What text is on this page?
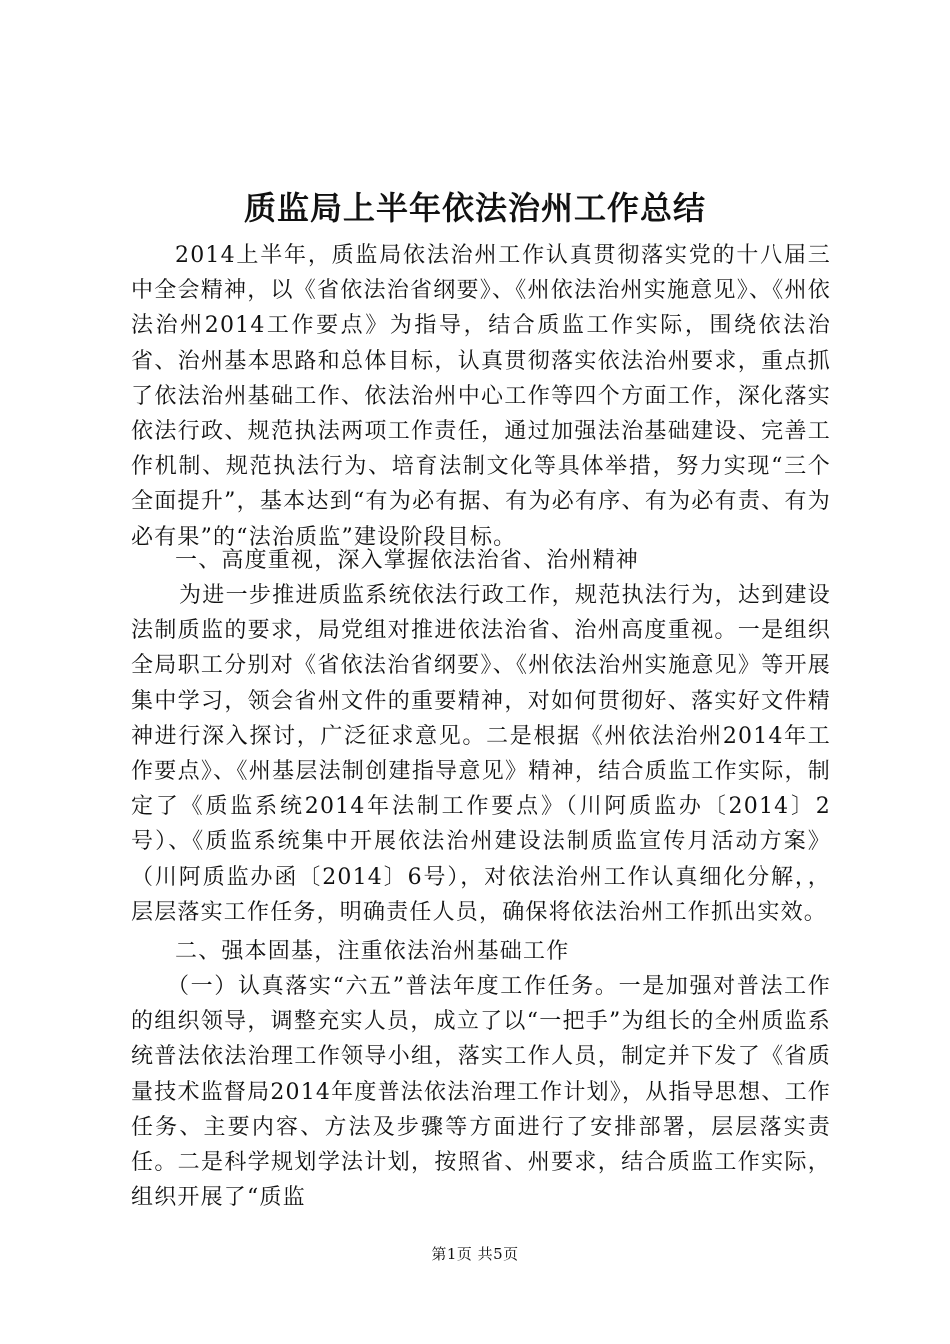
质监局上半年依法治州工作总结

2014上半年，质监局依法治州工作认真贯彻落实党的十八届三中全会精神，以《省依法治省纲要》、《州依法治州实施意见》、《州依法治州2014工作要点》为指导，结合质监工作实际，围绕依法治省、治州基本思路和总体目标，认真贯彻落实依法治州要求，重点抓了依法治州基础工作、依法治州中心工作等四个方面工作，深化落实依法行政、规范执法两项工作责任，通过加强法治基础建设、完善工作机制、规范执法行为、培育法制文化等具体举措，努力实现“三个全面提升”，基本达到“有为必有据、有为必有序、有为必有责、有为必有果”的“法治质监”建设阶段目标。

一、高度重视，深入掌握依法治省、治州精神

为进一步推进质监系统依法行政工作，规范执法行为，达到建设法制质监的要求，局党组对推进依法治省、治州高度重视。一是组织全局职工分别对《省依法治省纲要》、《州依法治州实施意见》等开展集中学习，领会省州文件的重要精神，对如何贯彻好、落实好文件精神进行深入探讨，广泛征求意见。二是根据《州依法治州2014年工作要点》、《州基层法制创建指导意见》精神，结合质监工作实际，制定了《质监系统2014年法制工作要点》（川阿质监办〔2014〕2号）、《质监系统集中开展依法治州建设法制质监宣传月活动方案》（川阿质监办函〔2014〕6号），对依法治州工作认真细化分解，，层层落实工作任务，明确责任人员，确保将依法治州工作抓出实效。

二、强本固基，注重依法治州基础工作

（一）认真落实“六五”普法年度工作任务。一是加强对普法工作的组织领导，调整充实人员，成立了以“一把手”为组长的全州质监系统普法依法治理工作领导小组，落实工作人员，制定并下发了《省质量技术监督局2014年度普法依法治理工作计划》，从指导思想、工作任务、主要内容、方法及步骤等方面进行了安排部署，层层落实责任。二是科学规划学法计划，按照省、州要求，结合质监工作实际，组织开展了“质监

第1页 共5页
